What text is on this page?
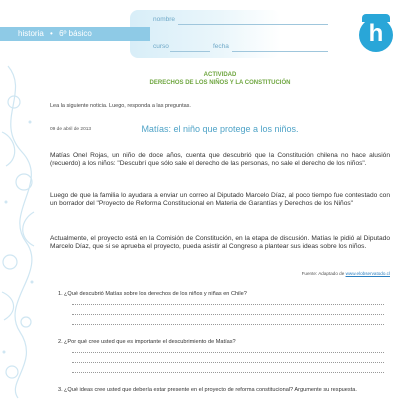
historia • 6º básico
nombre
curso	fecha	h
ACTIVIDAD
DERECHOS DE LOS NIÑOS Y LA CONSTITUCIÓN
Lea la siguiente noticia. Luego, responda a las preguntas.
09 de abril de 2013	Matías: el niño que protege a los niños.
Matías Onel Rojas, un niño de doce años, cuenta que descubrió que la Constitución chilena no hace alusión (recuerdo) a los niños: "Descubrí que sólo sale el derecho de las personas, no sale el derecho de los niños".
Luego de que la familia lo ayudara a enviar un correo al Diputado Marcelo Díaz, al poco tiempo fue contestado con un borrador del "Proyecto de Reforma Constitucional en Materia de Garantías y Derechos de los Niños"
Actualmente, el proyecto está en la Comisión de Constitución, en la etapa de discusión. Matías le pidió al Diputado Marcelo Díaz, que si se aprueba el proyecto, pueda asistir al Congreso a plantear sus ideas sobre los niños.
Fuente: Adaptado de www.elobservatodo.cl
1. ¿Qué descubrió Matías sobre los derechos de los niños y niñas en Chile?
2. ¿Por qué cree usted que es importante el descubrimiento de Matías?
3. ¿Qué ideas cree usted que debería estar presente en el proyecto de reforma constitucional? Argumente su respuesta.
